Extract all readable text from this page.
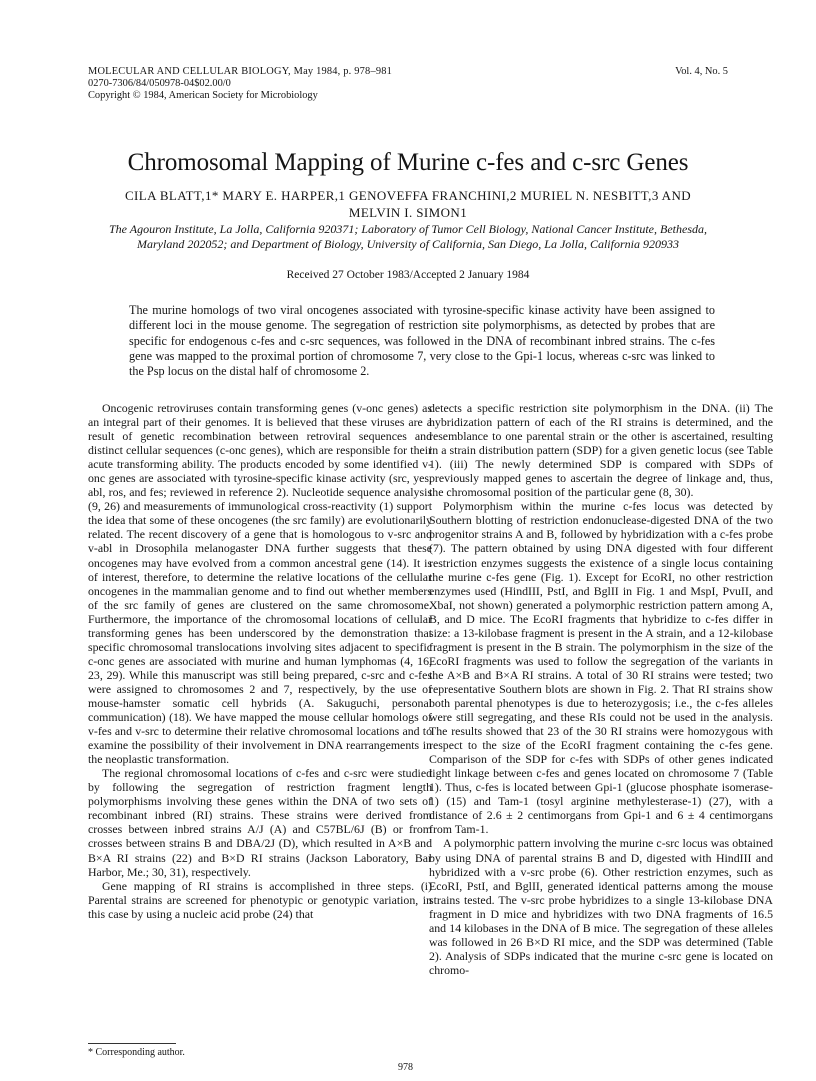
MOLECULAR AND CELLULAR BIOLOGY, May 1984, p. 978–981
0270-7306/84/050978-04$02.00/0
Copyright © 1984, American Society for Microbiology
Vol. 4, No. 5
Chromosomal Mapping of Murine c-fes and c-src Genes
CILA BLATT,1* MARY E. HARPER,1 GENOVEFFA FRANCHINI,2 MURIEL N. NESBITT,3 AND MELVIN I. SIMON1
The Agouron Institute, La Jolla, California 920371; Laboratory of Tumor Cell Biology, National Cancer Institute, Bethesda, Maryland 202052; and Department of Biology, University of California, San Diego, La Jolla, California 920933
Received 27 October 1983/Accepted 2 January 1984
The murine homologs of two viral oncogenes associated with tyrosine-specific kinase activity have been assigned to different loci in the mouse genome. The segregation of restriction site polymorphisms, as detected by probes that are specific for endogenous c-fes and c-src sequences, was followed in the DNA of recombinant inbred strains. The c-fes gene was mapped to the proximal portion of chromosome 7, very close to the Gpi-1 locus, whereas c-src was linked to the Psp locus on the distal half of chromosome 2.

Oncogenic retroviruses contain transforming genes (v-onc genes) as an integral part of their genomes. It is believed that these viruses are a result of genetic recombination between retroviral sequences and distinct cellular sequences (c-onc genes), which are responsible for their acute transforming ability. The products encoded by some identified v-onc genes are associated with tyrosine-specific kinase activity (src, yes, abl, ros, and fes; reviewed in reference 2). Nucleotide sequence analysis (9, 26) and measurements of immunological cross-reactivity (1) support the idea that some of these oncogenes (the src family) are evolutionarily related. The recent discovery of a gene that is homologous to v-src and v-abl in Drosophila melanogaster DNA further suggests that these oncogenes may have evolved from a common ancestral gene (14). It is of interest, therefore, to determine the relative locations of the cellular oncogenes in the mammalian genome and to find out whether members of the src family of genes are clustered on the same chromosome. Furthermore, the importance of the chromosomal locations of cellular transforming genes has been underscored by the demonstration that specific chromosomal translocations involving sites adjacent to specific c-onc genes are associated with murine and human lymphomas (4, 16, 23, 29). While this manuscript was still being prepared, c-src and c-fes were assigned to chromosomes 2 and 7, respectively, by the use of mouse-hamster somatic cell hybrids (A. Sakuguchi, personal communication) (18). We have mapped the mouse cellular homologs of v-fes and v-src to determine their relative chromosomal locations and to examine the possibility of their involvement in DNA rearrangements in the neoplastic transformation.

The regional chromosomal locations of c-fes and c-src were studied by following the segregation of restriction fragment length polymorphisms involving these genes within the DNA of two sets of recombinant inbred (RI) strains. These strains were derived from crosses between inbred strains A/J (A) and C57BL/6J (B) or from crosses between strains B and DBA/2J (D), which resulted in A×B and B×A RI strains (22) and B×D RI strains (Jackson Laboratory, Bar Harbor, Me.; 30, 31), respectively.

Gene mapping of RI strains is accomplished in three steps. (i) Parental strains are screened for phenotypic or genotypic variation, in this case by using a nucleic acid probe (24) that

detects a specific restriction site polymorphism in the DNA. (ii) The hybridization pattern of each of the RI strains is determined, and the resemblance to one parental strain or the other is ascertained, resulting in a strain distribution pattern (SDP) for a given genetic locus (see Table 1). (iii) The newly determined SDP is compared with SDPs of previously mapped genes to ascertain the degree of linkage and, thus, the chromosomal position of the particular gene (8, 30).

Polymorphism within the murine c-fes locus was detected by Southern blotting of restriction endonuclease-digested DNA of the two progenitor strains A and B, followed by hybridization with a c-fes probe (7). The pattern obtained by using DNA digested with four different restriction enzymes suggests the existence of a single locus containing the murine c-fes gene (Fig. 1). Except for EcoRI, no other restriction enzymes used (HindIII, PstI, and BglII in Fig. 1 and MspI, PvuII, and XbaI, not shown) generated a polymorphic restriction pattern among A, B, and D mice. The EcoRI fragments that hybridize to c-fes differ in size: a 13-kilobase fragment is present in the A strain, and a 12-kilobase fragment is present in the B strain. The polymorphism in the size of the EcoRI fragments was used to follow the segregation of the variants in the A×B and B×A RI strains. A total of 30 RI strains were tested; two representative Southern blots are shown in Fig. 2. That RI strains show both parental phenotypes is due to heterozygosis; i.e., the c-fes alleles were still segregating, and these RIs could not be used in the analysis. The results showed that 23 of the 30 RI strains were homozygous with respect to the size of the EcoRI fragment containing the c-fes gene. Comparison of the SDP for c-fes with SDPs of other genes indicated tight linkage between c-fes and genes located on chromosome 7 (Table 1). Thus, c-fes is located between Gpi-1 (glucose phosphate isomerase-1) (15) and Tam-1 (tosyl arginine methylesterase-1) (27), with a distance of 2.6 ± 2 centimorgans from Gpi-1 and 6 ± 4 centimorgans from Tam-1.

A polymorphic pattern involving the murine c-src locus was obtained by using DNA of parental strains B and D, digested with HindIII and hybridized with a v-src probe (6). Other restriction enzymes, such as EcoRI, PstI, and BglII, generated identical patterns among the mouse strains tested. The v-src probe hybridizes to a single 13-kilobase DNA fragment in D mice and hybridizes with two DNA fragments of 16.5 and 14 kilobases in the DNA of B mice. The segregation of these alleles was followed in 26 B×D RI mice, and the SDP was determined (Table 2). Analysis of SDPs indicated that the murine c-src gene is located on chromo-

* Corresponding author.
978
